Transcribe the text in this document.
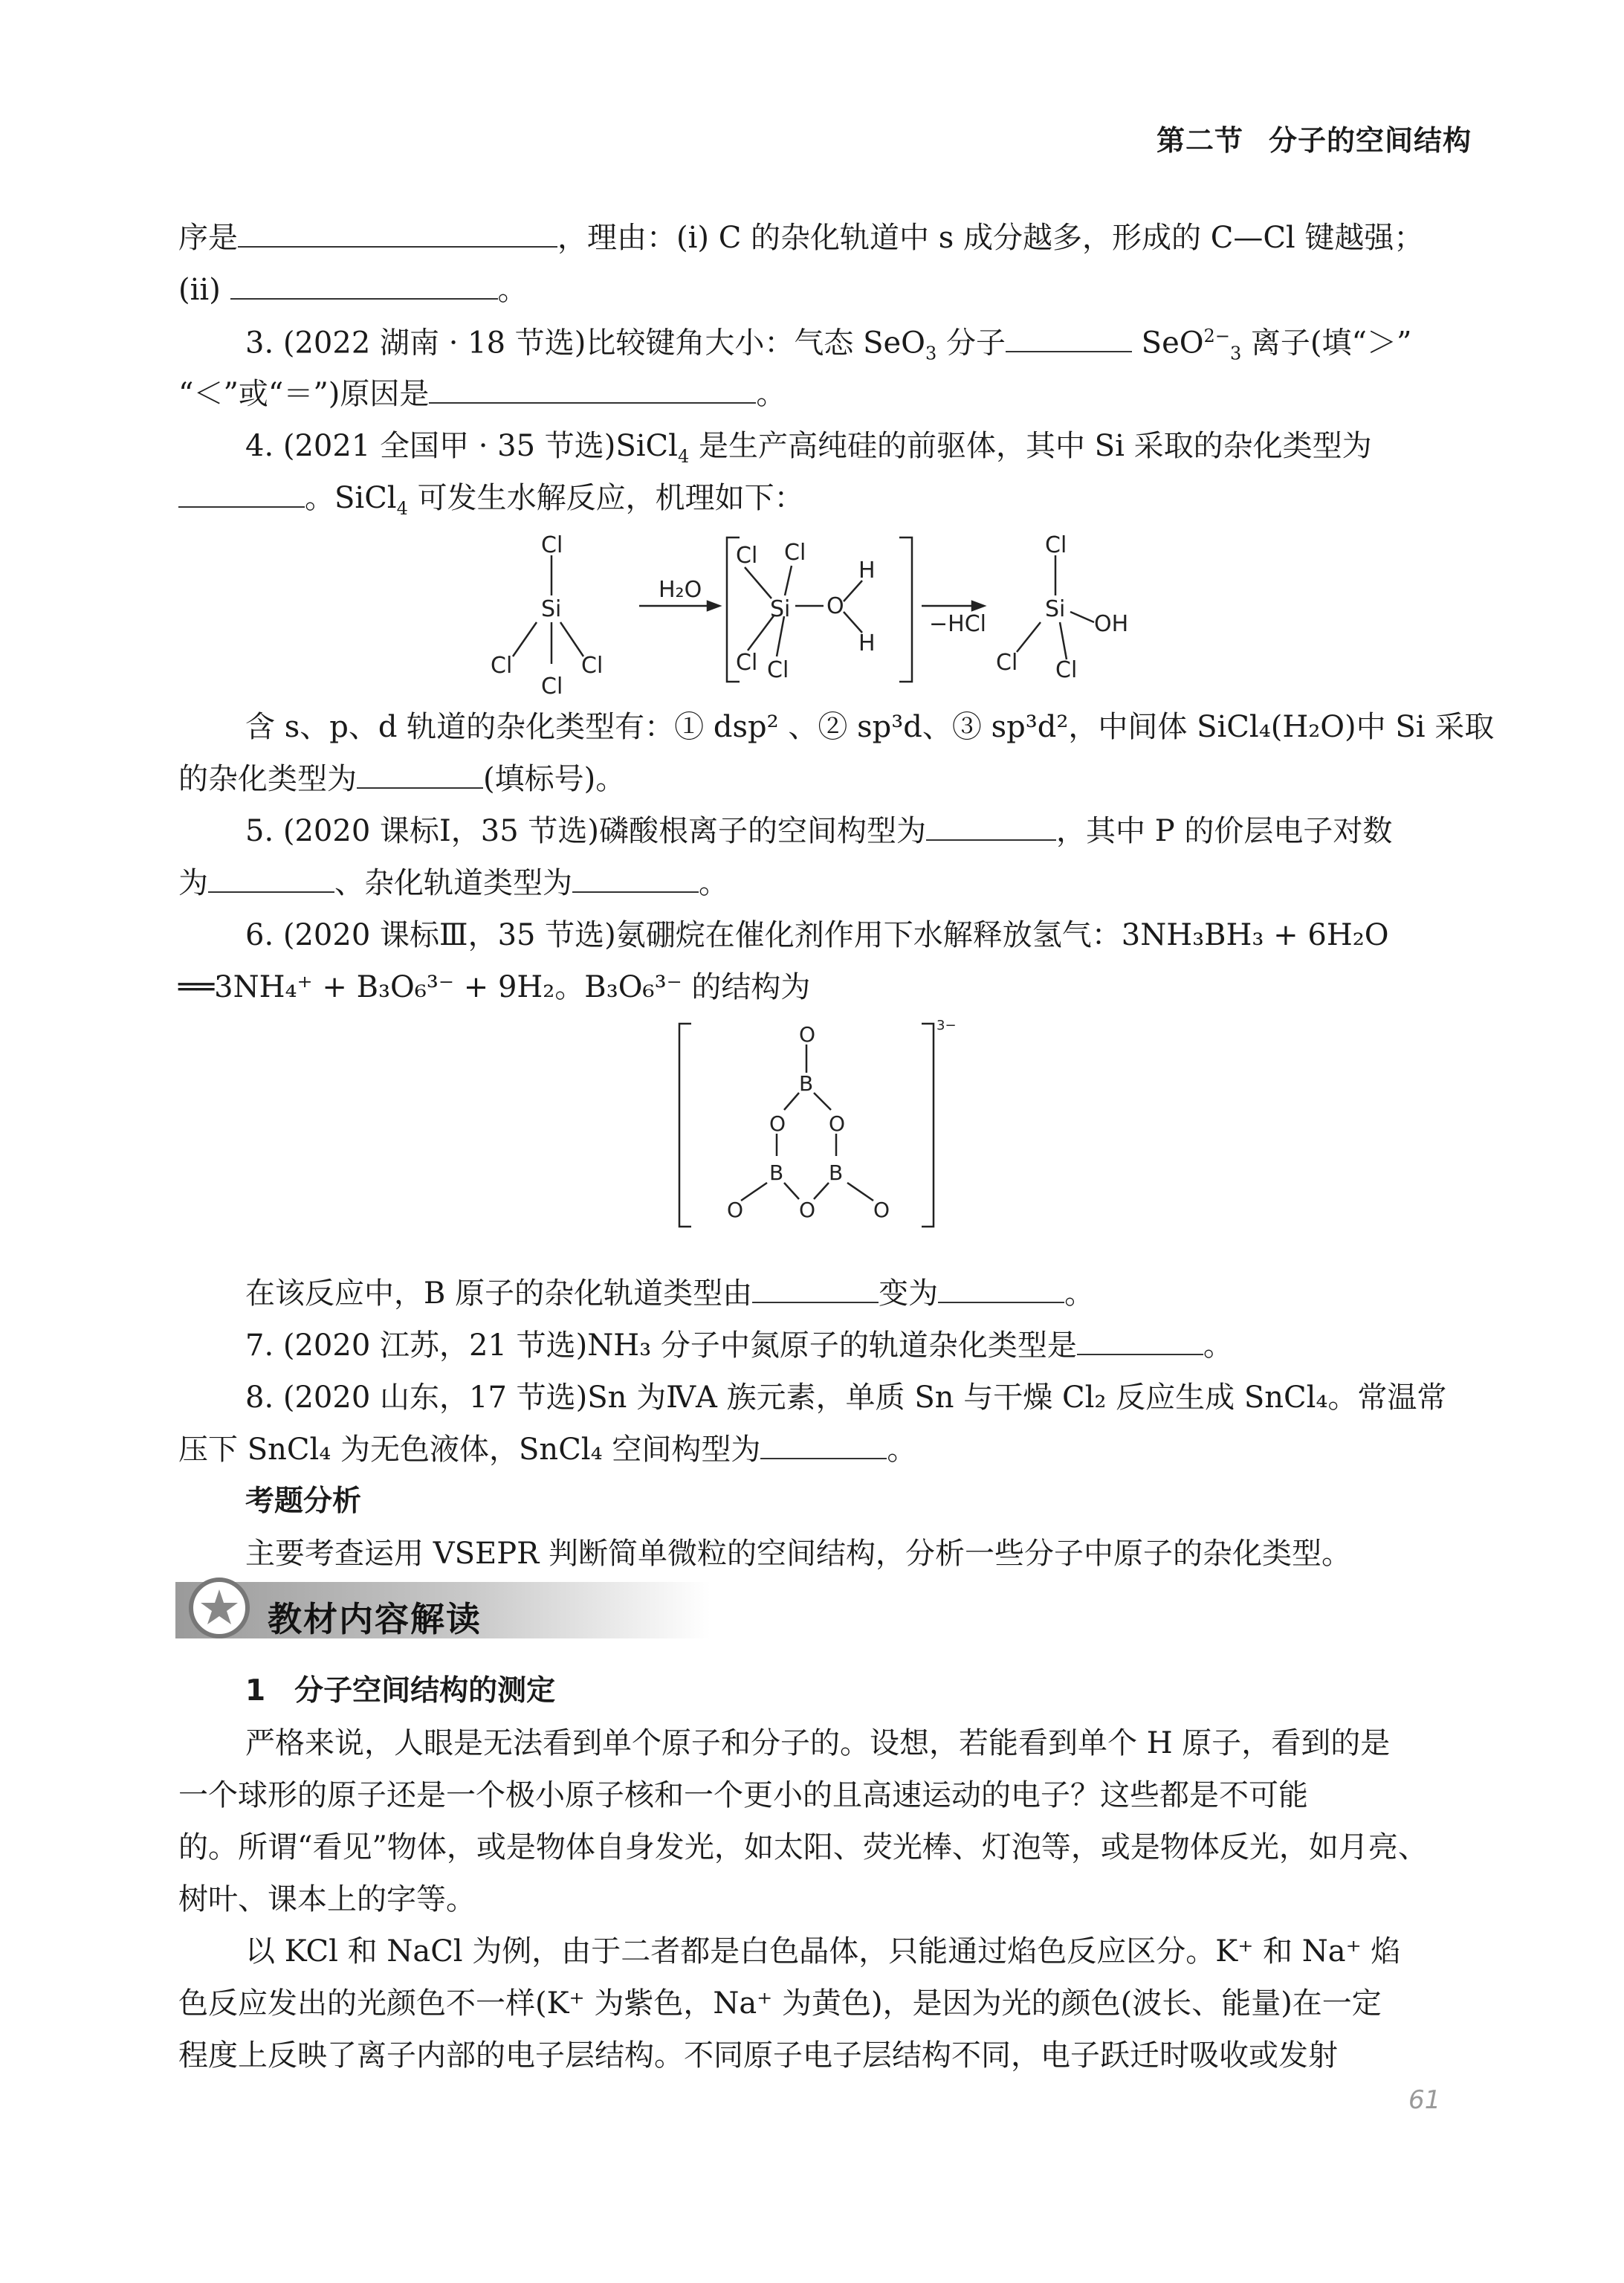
第二节 分子的空间结构
序是	，理由：(i) C 的杂化轨道中 s 成分越多，形成的 C—Cl 键越强；
(ii)	。
3. (2022 湖南 · 18 节选)比较键角大小：气态 SeO$_3$ 分子	SeO$^{2-}_3$ 离子(填“＞”
“＜”或“＝”)原因是	。
4. (2021 全国甲 · 35 节选)SiCl$_4$ 是生产高纯硅的前驱体，其中 Si 采取的杂化类型为
。SiCl$_4$ 可发生水解反应，机理如下：
Cl
Si
Cl	Cl
Cl
H₂O
Cl Cl
Si O
H
H
Cl Cl
−HCl
Cl
Si
OH
Cl Cl
含 s、p、d 轨道的杂化类型有：① dsp² 、② sp³d、③ sp³d²，中间体 SiCl₄(H₂O)中 Si 采取
的杂化类型为	(填标号)。
5. (2020 课标Ⅰ，35 节选)磷酸根离子的空间构型为	，其中 P 的价层电子对数
为	、杂化轨道类型为	。
6. (2020 课标Ⅲ，35 节选)氨硼烷在催化剂作用下水解释放氢气：3NH₃BH₃ + 6H₂O
══3NH₄⁺ + B₃O₆³⁻ + 9H₂。B₃O₆³⁻ 的结构为
O
B
O O
B B
O
O	O
3−
在该反应中，B 原子的杂化轨道类型由	变为	。
7. (2020 江苏，21 节选)NH₃ 分子中氮原子的轨道杂化类型是	。
8. (2020 山东，17 节选)Sn 为ⅣA 族元素，单质 Sn 与干燥 Cl₂ 反应生成 SnCl₄。常温常
压下 SnCl₄ 为无色液体，SnCl₄ 空间构型为	。
考题分析
主要考查运用 VSEPR 判断简单微粒的空间结构，分析一些分子中原子的杂化类型。
教材内容解读
1　分子空间结构的测定
严格来说，人眼是无法看到单个原子和分子的。设想，若能看到单个 H 原子，看到的是
一个球形的原子还是一个极小原子核和一个更小的且高速运动的电子？这些都是不可能
的。所谓“看见”物体，或是物体自身发光，如太阳、荧光棒、灯泡等，或是物体反光，如月亮、
树叶、课本上的字等。
以 KCl 和 NaCl 为例，由于二者都是白色晶体，只能通过焰色反应区分。K⁺ 和 Na⁺ 焰
色反应发出的光颜色不一样(K⁺ 为紫色，Na⁺ 为黄色)，是因为光的颜色(波长、能量)在一定
程度上反映了离子内部的电子层结构。不同原子电子层结构不同，电子跃迁时吸收或发射
61
